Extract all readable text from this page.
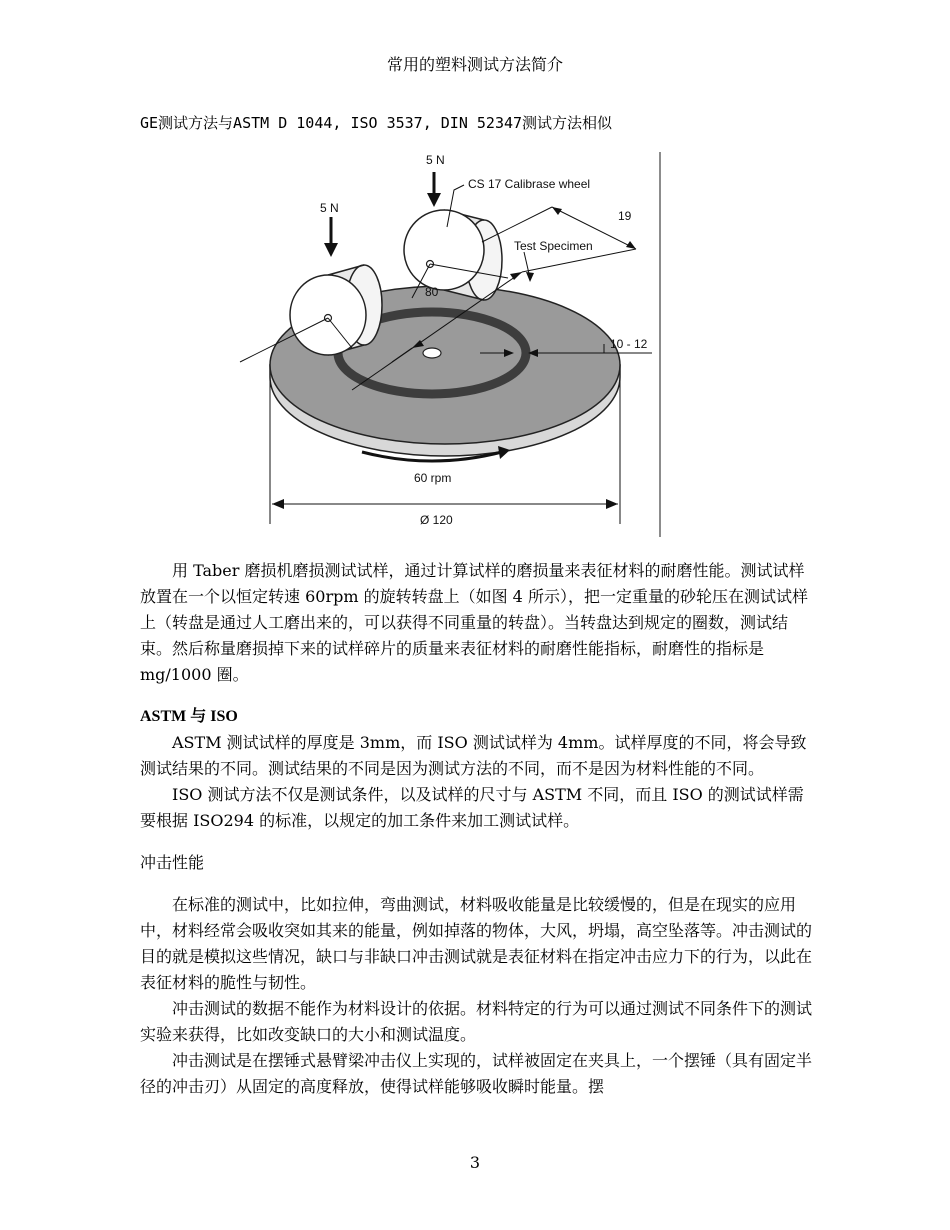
常用的塑料测试方法简介
GE测试方法与ASTM D 1044, ISO 3537, DIN 52347测试方法相似
5 N
5 N
CS 17 Calibrase wheel
19
Test Specimen
80
10 - 12
60 rpm
Ø 120

用 Taber 磨损机磨损测试试样，通过计算试样的磨损量来表征材料的耐磨性能。测试试样放置在一个以恒定转速 60rpm 的旋转转盘上（如图 4 所示），把一定重量的砂轮压在测试试样上（转盘是通过人工磨出来的，可以获得不同重量的转盘）。当转盘达到规定的圈数，测试结束。然后称量磨损掉下来的试样碎片的质量来表征材料的耐磨性能指标，耐磨性的指标是 mg/1000 圈。

ASTM 与 ISO

ASTM 测试试样的厚度是 3mm，而 ISO 测试试样为 4mm。试样厚度的不同，将会导致测试结果的不同。测试结果的不同是因为测试方法的不同，而不是因为材料性能的不同。

ISO 测试方法不仅是测试条件，以及试样的尺寸与 ASTM 不同，而且 ISO 的测试试样需要根据 ISO294 的标准，以规定的加工条件来加工测试试样。

冲击性能

在标准的测试中，比如拉伸，弯曲测试，材料吸收能量是比较缓慢的，但是在现实的应用中，材料经常会吸收突如其来的能量，例如掉落的物体，大风，坍塌，高空坠落等。冲击测试的目的就是模拟这些情况，缺口与非缺口冲击测试就是表征材料在指定冲击应力下的行为，以此在表征材料的脆性与韧性。

冲击测试的数据不能作为材料设计的依据。材料特定的行为可以通过测试不同条件下的测试实验来获得，比如改变缺口的大小和测试温度。

冲击测试是在摆锤式悬臂梁冲击仪上实现的，试样被固定在夹具上，一个摆锤（具有固定半径的冲击刃）从固定的高度释放，使得试样能够吸收瞬时能量。摆

3
